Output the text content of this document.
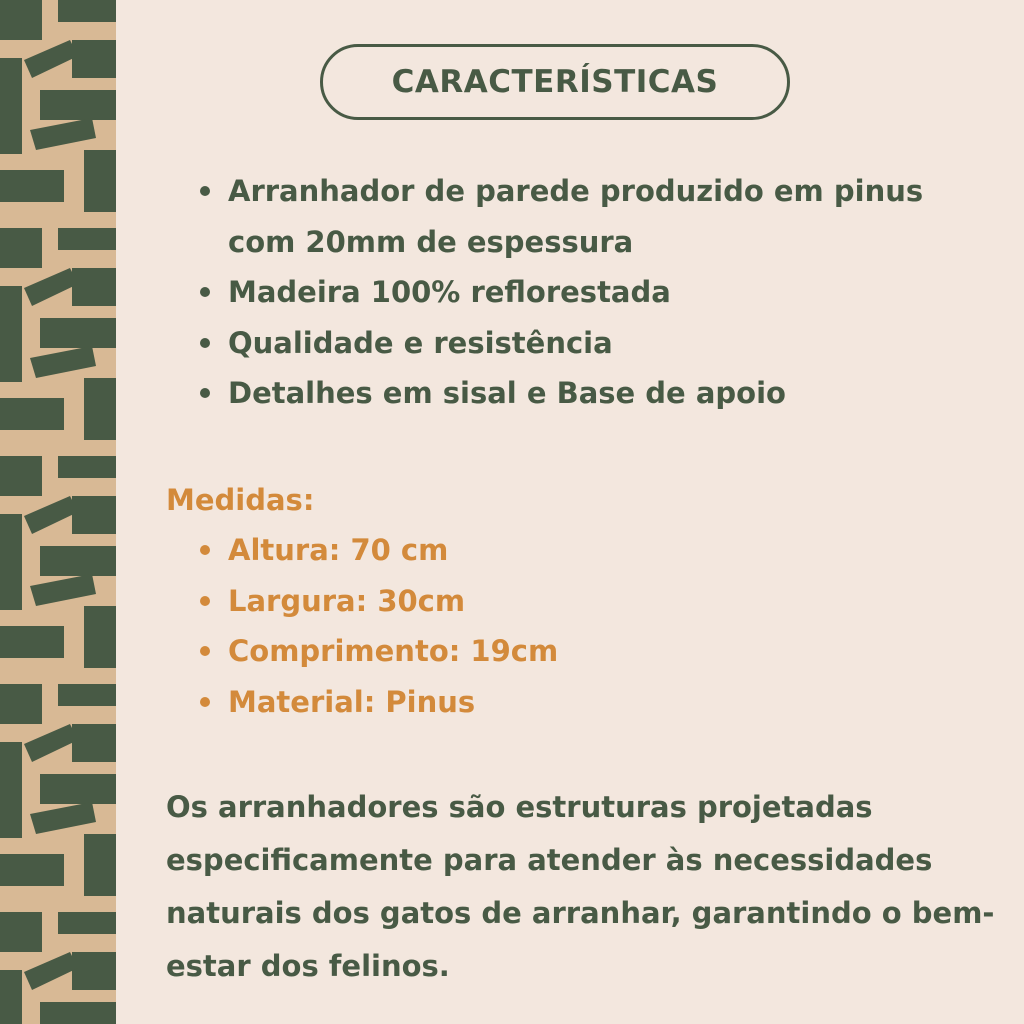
CARACTERÍSTICAS
Arranhador de parede produzido em pinus com 20mm de espessura
Madeira 100% reflorestada
Qualidade e resistência
Detalhes em sisal e Base de apoio
Medidas:
Altura: 70 cm
Largura: 30cm
Comprimento: 19cm
Material: Pinus

Os arranhadores são estruturas projetadas especificamente para atender às necessidades naturais dos gatos de arranhar, garantindo o bem-estar dos felinos.
